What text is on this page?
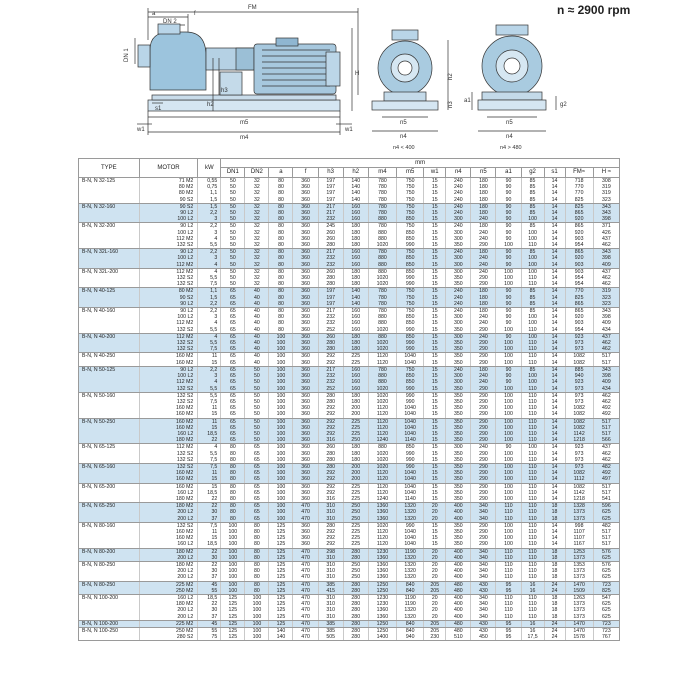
n ≈ 2900 rpm
FM
f
DN 2
a
DN 1
H
h2
h3
s1
m5
m4
w1	w1
n5
n4
h2
n3
n4 < 400
n5
n4
g2
a1
n4 > 480
TYPE	MOTOR	kW	mm															
			DN1	DN2	a	f	h3	h2	m4	m5	w1	n4	n5	a1	g2	s1	FM≈	H ≈
B-N, N 32-125	71 M2	0,55	50	32	80	360	197	140	780	750	15	240	180	90	85	14	718	308
	80 M2	0,75	50	32	80	360	197	140	780	750	15	240	180	90	85	14	770	319
	80 M2	1,1	50	32	80	360	197	140	780	750	15	240	180	90	85	14	770	319
	90 S2	1,5	50	32	80	360	197	140	780	750	15	240	180	90	85	14	825	323
B-N, N 32-160	90 S2	1,5	50	32	80	360	217	160	780	750	15	240	180	90	85	14	825	343
	90 L2	2,2	50	32	80	360	217	160	780	750	15	240	180	90	85	14	865	343
	100 L2	3	50	32	80	360	232	160	880	850	15	300	240	90	100	14	920	398
B-N, N 32-200	90 L2	2,2	50	32	80	360	245	180	780	750	15	240	180	90	85	14	865	371
	100 L2	3	50	32	80	360	260	180	880	850	15	300	240	90	100	14	920	426
	112 M2	4	50	32	80	360	260	180	880	850	15	300	240	90	100	14	903	437
	132 S2	5,5	50	32	80	360	280	180	1020	990	15	350	290	100	110	14	954	462
B-N, N 32L-160	90 L2	2,2	50	32	80	360	217	160	780	750	15	240	180	90	85	14	865	343
	100 L2	3	50	32	80	360	232	160	880	850	15	300	240	90	100	14	920	398
	112 M2	4	50	32	80	360	232	160	880	850	15	300	240	90	100	14	903	409
B-N, N 32L-200	112 M2	4	50	32	80	360	260	180	880	850	15	300	240	100	100	14	903	437
	132 S2	5,5	50	32	80	360	280	180	1020	990	15	350	290	100	110	14	954	462
	132 S2	7,5	50	32	80	360	280	180	1020	990	15	350	290	100	110	14	954	462
B-N, N 40-125	80 M2	1,1	65	40	80	360	197	140	780	750	15	240	180	90	85	14	770	319
	90 S2	1,5	65	40	80	360	197	140	780	750	15	240	180	90	85	14	825	323
	90 L2	2,2	65	40	80	360	197	140	780	750	15	240	180	90	85	14	865	323
B-N, N 40-160	90 L2	2,2	65	40	80	360	217	160	780	750	15	240	180	90	85	14	865	343
	100 L2	3	65	40	80	360	232	160	880	850	15	300	240	90	100	14	920	398
	112 M2	4	65	40	80	360	232	160	880	850	15	300	240	90	100	14	903	409
	132 S2	5,5	65	40	80	360	252	160	1020	990	15	350	290	100	110	14	954	434
B-N, N 40-200	112 M2	4	65	40	100	360	260	180	880	850	15	300	240	90	100	14	923	437
	132 S2	5,5	65	40	100	360	280	180	1020	990	15	350	290	100	110	14	973	462
	132 S2	7,5	65	40	100	360	280	180	1020	990	15	350	290	100	110	14	973	462
B-N, N 40-250	160 M2	11	65	40	100	360	292	225	1120	1040	15	350	290	100	110	14	1082	517
	160 M2	15	65	40	100	360	292	225	1120	1040	15	350	290	100	110	14	1082	517
B-N, N 50-125	90 L2	2,2	65	50	100	360	217	160	780	750	15	240	180	90	85	14	885	343
	100 L2	3	65	50	100	360	232	160	880	850	15	300	240	90	100	14	940	398
	112 M2	4	65	50	100	360	232	160	880	850	15	300	240	90	100	14	923	409
	132 S2	5,5	65	50	100	360	252	160	1020	990	15	350	290	100	110	14	973	434
B-N, N 50-160	132 S2	5,5	65	50	100	360	280	180	1020	990	15	350	290	100	110	14	973	462
	132 S2	7,5	65	50	100	360	280	180	1020	990	15	350	290	100	110	14	973	462
	160 M2	11	65	50	100	360	292	200	1120	1040	15	350	290	100	110	14	1082	492
	160 M2	15	65	50	100	360	292	200	1120	1040	15	350	290	100	110	14	1082	492
B-N, N 50-250	160 M2	11	65	50	100	360	292	225	1120	1040	15	350	290	100	110	14	1082	517
	160 M2	15	65	50	100	360	292	225	1120	1040	15	350	290	100	110	14	1082	517
	160 L2	18,5	65	50	100	360	292	225	1120	1040	15	350	290	100	110	14	1142	517
	180 M2	22	65	50	100	360	316	250	1240	1140	15	350	290	100	110	14	1218	566
B-N, N 65-125	112 M2	4	80	65	100	360	260	180	880	850	15	300	240	90	100	14	923	437
	132 S2	5,5	80	65	100	360	280	180	1020	990	15	350	290	100	110	14	973	462
	132 S2	7,5	80	65	100	360	280	180	1020	990	15	350	290	100	110	14	973	462
B-N, N 65-160	132 S2	7,5	80	65	100	360	280	200	1020	990	15	350	290	100	110	14	973	482
	160 M2	11	80	65	100	360	292	200	1120	1040	15	350	290	100	110	14	1082	492
	160 M2	15	80	65	100	360	292	200	1120	1040	15	350	290	100	110	14	1112	497
B-N, N 65-200	160 M2	15	80	65	100	360	292	225	1120	1040	15	350	290	100	110	14	1082	517
	160 L2	18,5	80	65	100	360	292	225	1120	1040	15	350	290	100	110	14	1142	517
	180 M2	22	80	65	100	360	316	225	1240	1140	15	350	290	100	110	14	1218	541
B-N, N 65-250	180 M2	22	80	65	100	470	310	250	1360	1320	20	400	340	110	110	18	1328	596
	200 L2	30	80	65	100	470	310	250	1360	1320	20	400	340	110	110	18	1373	625
	200 L2	37	80	65	100	470	310	250	1360	1320	20	400	340	110	110	18	1373	625
B-N, N 80-160	132 S2	7,5	100	80	125	360	280	225	1020	990	15	350	290	100	110	14	998	482
	160 M2	11	100	80	125	360	292	225	1120	1040	15	350	290	100	110	14	1107	517
	160 M2	15	100	80	125	360	292	225	1120	1040	15	350	290	100	110	14	1107	517
	160 L2	18,5	100	80	125	360	292	225	1120	1040	15	350	290	100	110	14	1167	517
B-N, N 80-200	180 M2	22	100	80	125	470	298	280	1230	1190	20	400	340	110	110	18	1253	576
	200 L2	30	100	80	125	470	310	280	1360	1320	20	400	340	110	110	18	1373	625
B-N, N 80-250	180 M2	22	100	80	125	470	310	250	1360	1320	20	400	340	110	110	18	1353	576
	200 L2	30	100	80	125	470	310	250	1360	1320	20	400	340	110	110	18	1373	625
	200 L2	37	100	80	125	470	310	250	1360	1320	20	400	340	110	110	18	1373	625
B-N, N 80-250	225 M2	45	100	80	125	470	385	280	1250	840	205	480	430	95	16	24	1470	723
	250 M2	55	100	80	125	470	415	280	1250	840	205	480	430	95	16	24	1509	825
B-N, N 100-200	160 L2	18,5	125	100	125	470	310	280	1230	1190	20	400	340	110	110	18	1263	547
	180 M2	22	125	100	125	470	310	280	1230	1190	20	400	340	110	110	18	1373	625
	200 L2	30	125	100	125	470	310	280	1360	1320	20	400	340	110	110	18	1373	625
	200 L2	37	125	100	125	470	310	280	1360	1320	20	400	340	110	110	18	1373	625
B-N, N 100-200	225 M2	45	125	100	125	470	385	280	1250	840	205	480	430	95	16	24	1470	723
B-N, N 100-250	250 M2	55	125	100	140	470	385	280	1250	840	205	480	430	95	16	24	1470	723
	280 S2	75	125	100	140	470	505	280	1400	940	230	510	450	95	17,5	24	1578	767
